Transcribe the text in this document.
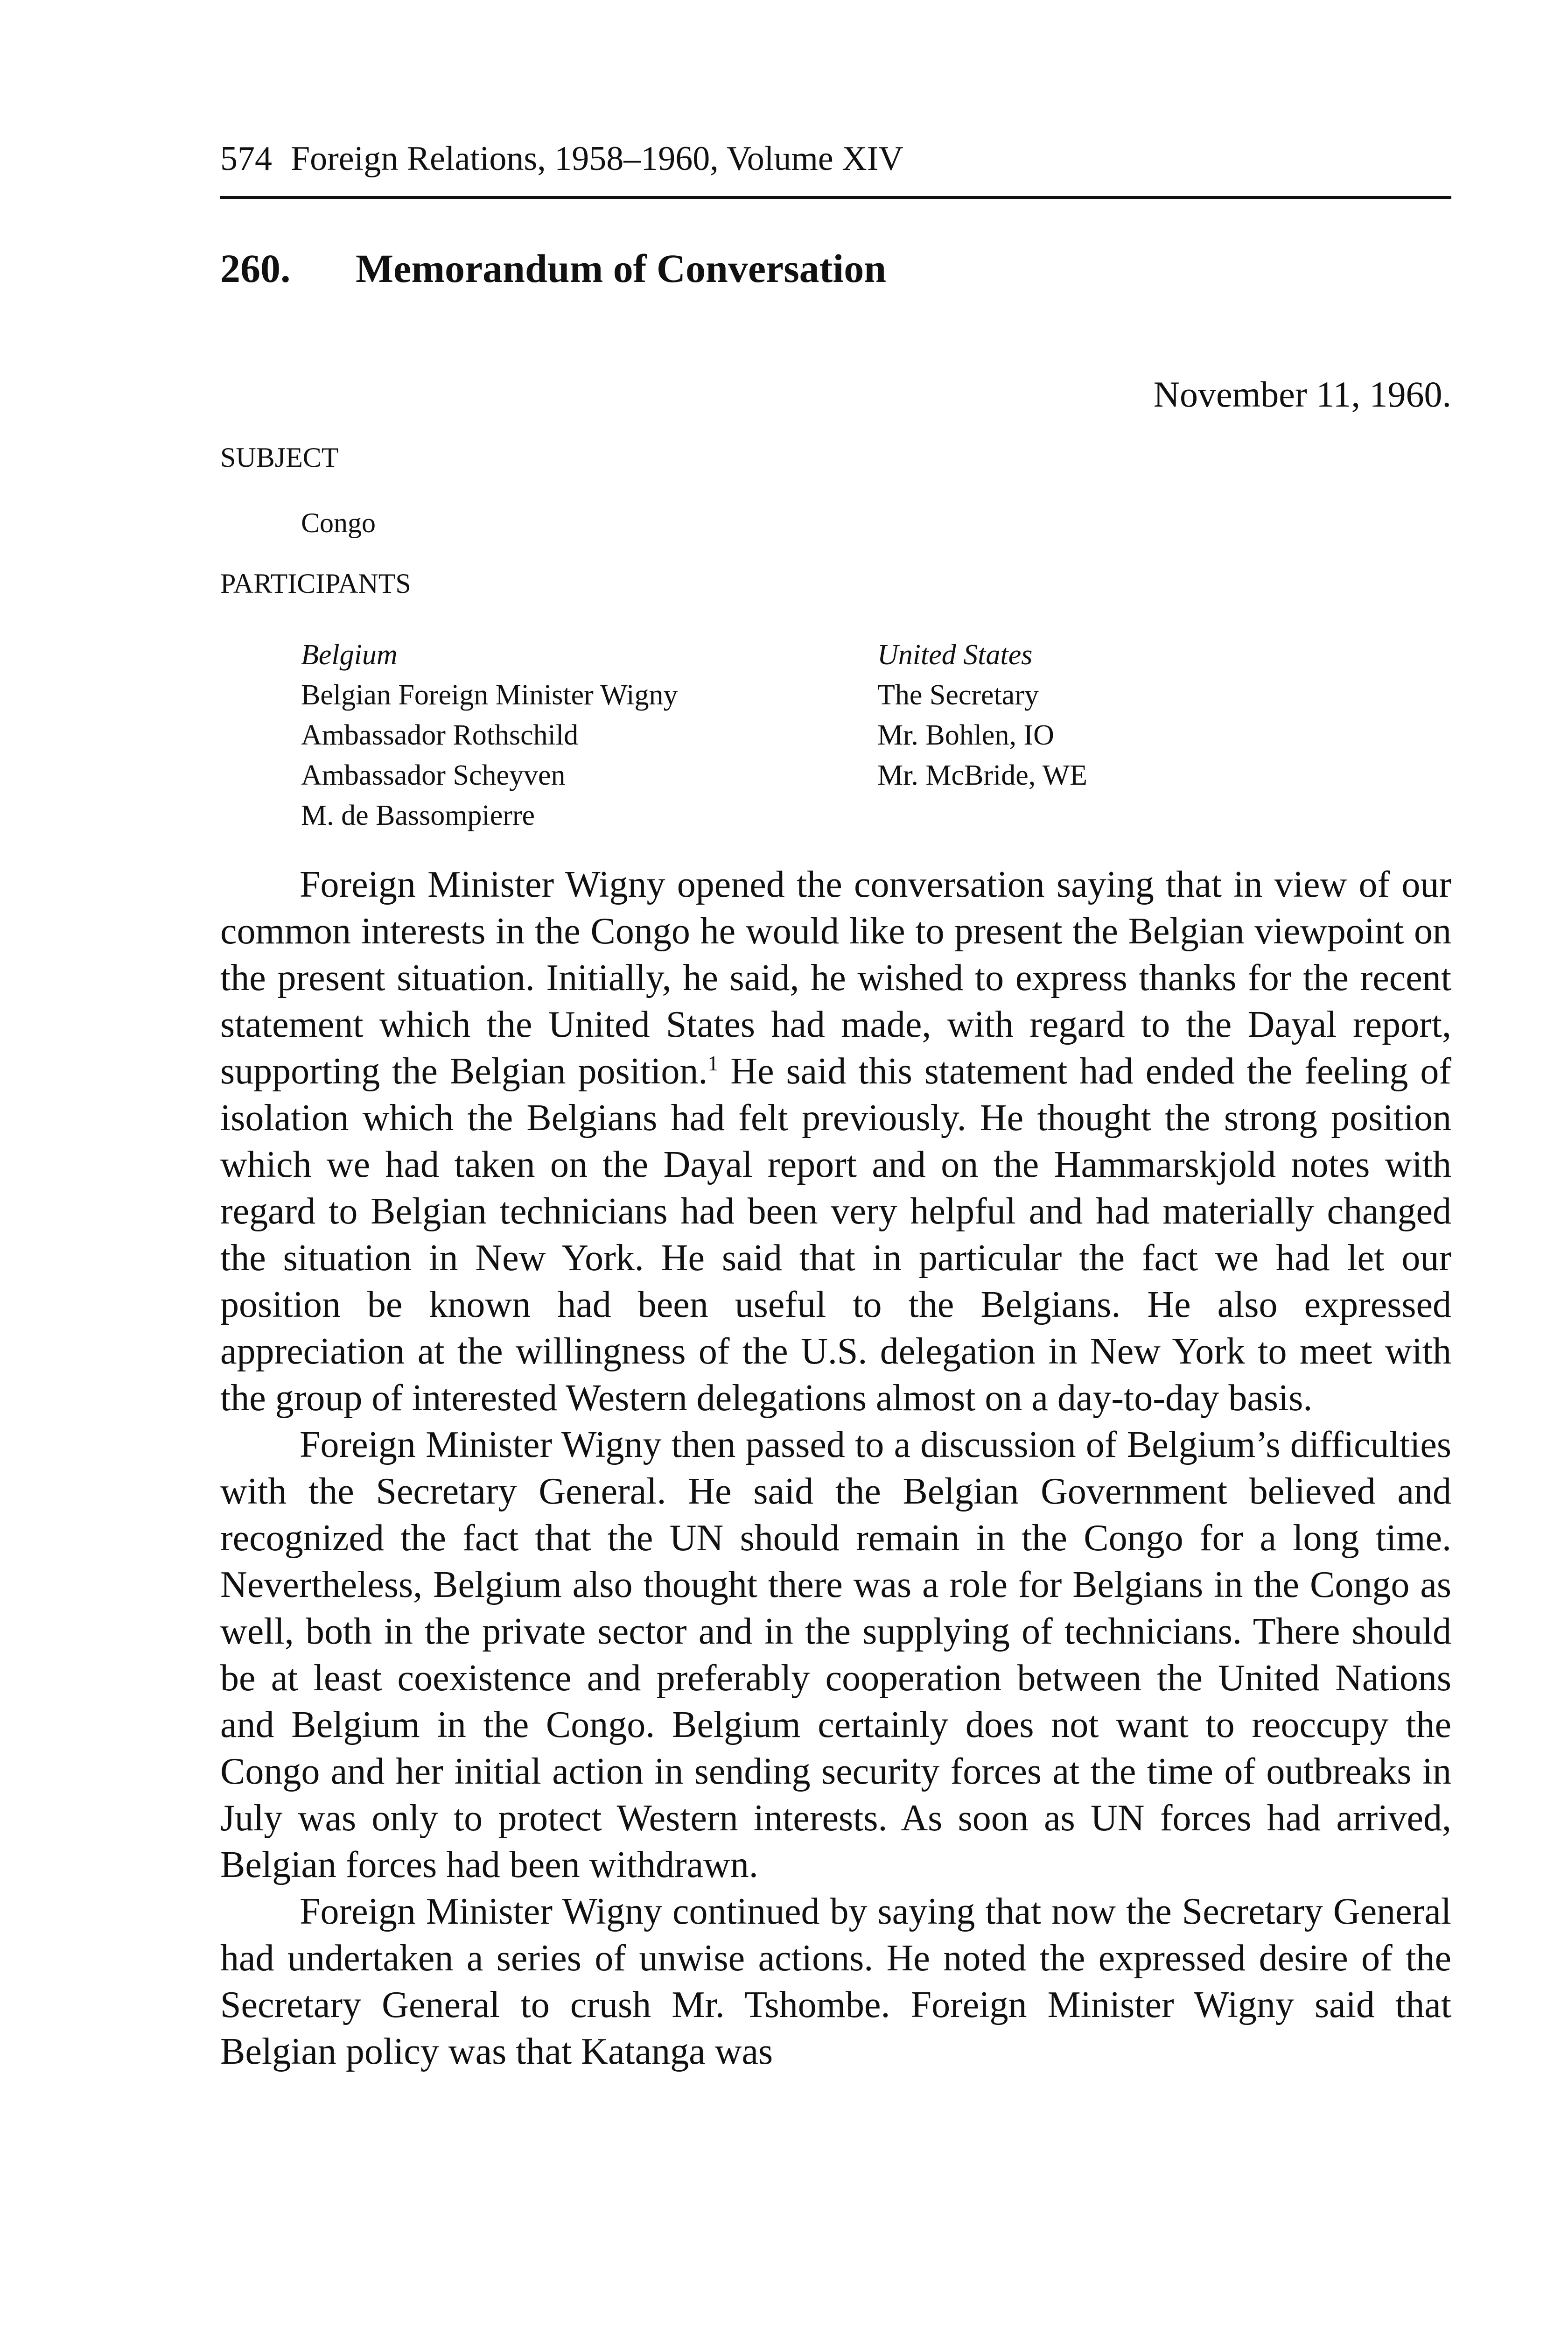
574 Foreign Relations, 1958–1960, Volume XIV
260. Memorandum of Conversation
November 11, 1960.
SUBJECT
Congo
PARTICIPANTS
Belgium
Belgian Foreign Minister Wigny
Ambassador Rothschild
Ambassador Scheyven
M. de Bassompierre
United States
The Secretary
Mr. Bohlen, IO
Mr. McBride, WE

Foreign Minister Wigny opened the conversation saying that in view of our common interests in the Congo he would like to present the Belgian viewpoint on the present situation. Initially, he said, he wished to express thanks for the recent statement which the United States had made, with regard to the Dayal report, supporting the Belgian position.$^1$ He said this statement had ended the feeling of isolation which the Belgians had felt previously. He thought the strong position which we had taken on the Dayal report and on the Hammarskjold notes with regard to Belgian technicians had been very helpful and had materially changed the situation in New York. He said that in particular the fact we had let our position be known had been useful to the Belgians. He also expressed appreciation at the willingness of the U.S. delegation in New York to meet with the group of interested Western delegations almost on a day-to-day basis.

Foreign Minister Wigny then passed to a discussion of Belgium’s difficulties with the Secretary General. He said the Belgian Government believed and recognized the fact that the UN should remain in the Congo for a long time. Nevertheless, Belgium also thought there was a role for Belgians in the Congo as well, both in the private sector and in the supplying of technicians. There should be at least coexistence and preferably cooperation between the United Nations and Belgium in the Congo. Belgium certainly does not want to reoccupy the Congo and her initial action in sending security forces at the time of outbreaks in July was only to protect Western interests. As soon as UN forces had arrived, Belgian forces had been withdrawn.

Foreign Minister Wigny continued by saying that now the Secretary General had undertaken a series of unwise actions. He noted the expressed desire of the Secretary General to crush Mr. Tshombe. Foreign Minister Wigny said that Belgian policy was that Katanga was
